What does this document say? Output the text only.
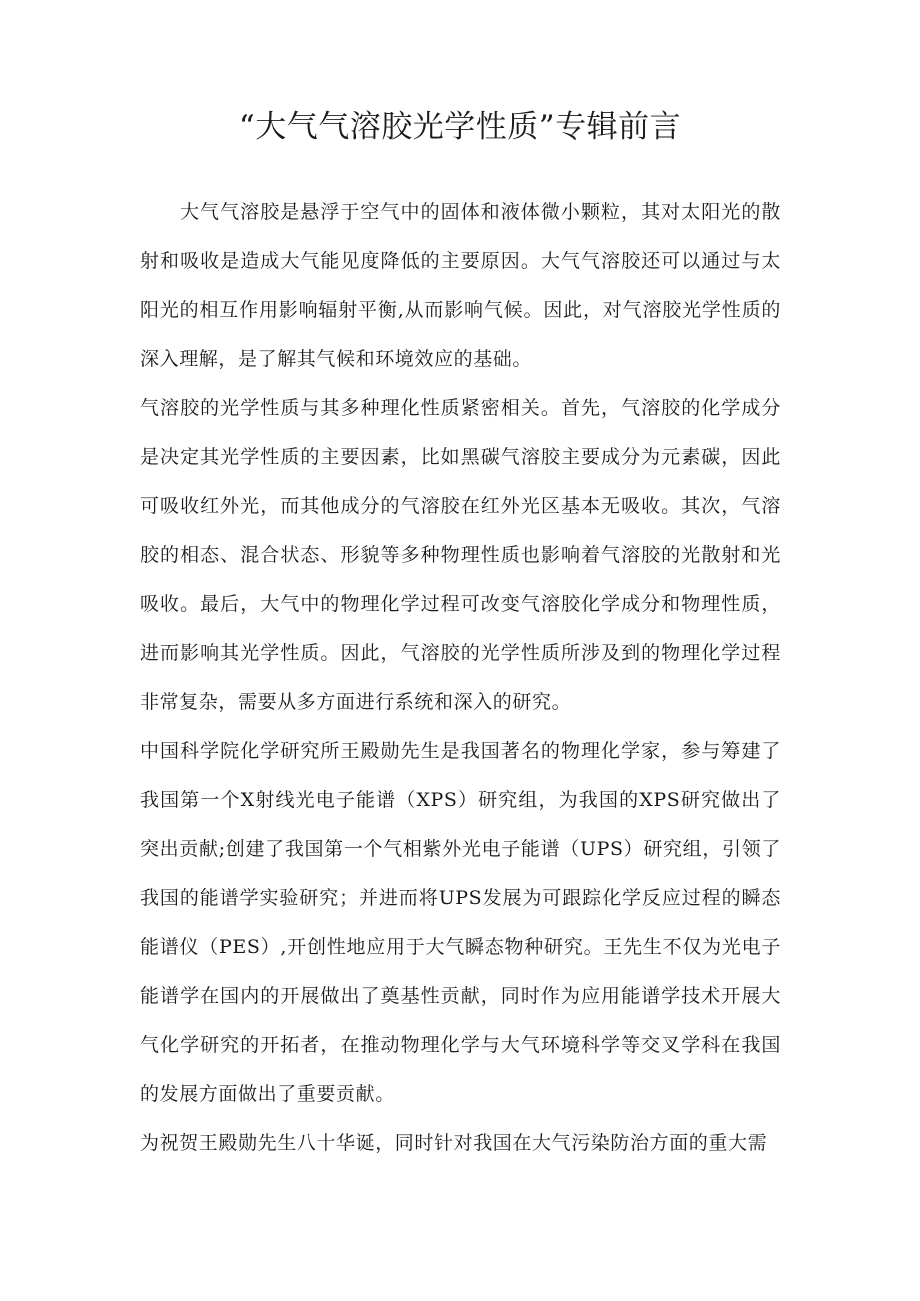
“大气气溶胶光学性质”专辑前言

大气气溶胶是悬浮于空气中的固体和液体微小颗粒，其对太阳光的散射和吸收是造成大气能见度降低的主要原因。大气气溶胶还可以通过与太阳光的相互作用影响辐射平衡,从而影响气候。因此，对气溶胶光学性质的深入理解，是了解其气候和环境效应的基础。

气溶胶的光学性质与其多种理化性质紧密相关。首先，气溶胶的化学成分是决定其光学性质的主要因素，比如黑碳气溶胶主要成分为元素碳，因此可吸收红外光，而其他成分的气溶胶在红外光区基本无吸收。其次，气溶胶的相态、混合状态、形貌等多种物理性质也影响着气溶胶的光散射和光吸收。最后，大气中的物理化学过程可改变气溶胶化学成分和物理性质，进而影响其光学性质。因此，气溶胶的光学性质所涉及到的物理化学过程非常复杂，需要从多方面进行系统和深入的研究。

中国科学院化学研究所王殿勋先生是我国著名的物理化学家，参与筹建了我国第一个X射线光电子能谱（XPS）研究组，为我国的XPS研究做出了突出贡献;创建了我国第一个气相紫外光电子能谱（UPS）研究组，引领了我国的能谱学实验研究；并进而将UPS发展为可跟踪化学反应过程的瞬态能谱仪（PES）,开创性地应用于大气瞬态物种研究。王先生不仅为光电子能谱学在国内的开展做出了奠基性贡献，同时作为应用能谱学技术开展大气化学研究的开拓者，在推动物理化学与大气环境科学等交叉学科在我国的发展方面做出了重要贡献。

为祝贺王殿勋先生八十华诞，同时针对我国在大气污染防治方面的重大需
